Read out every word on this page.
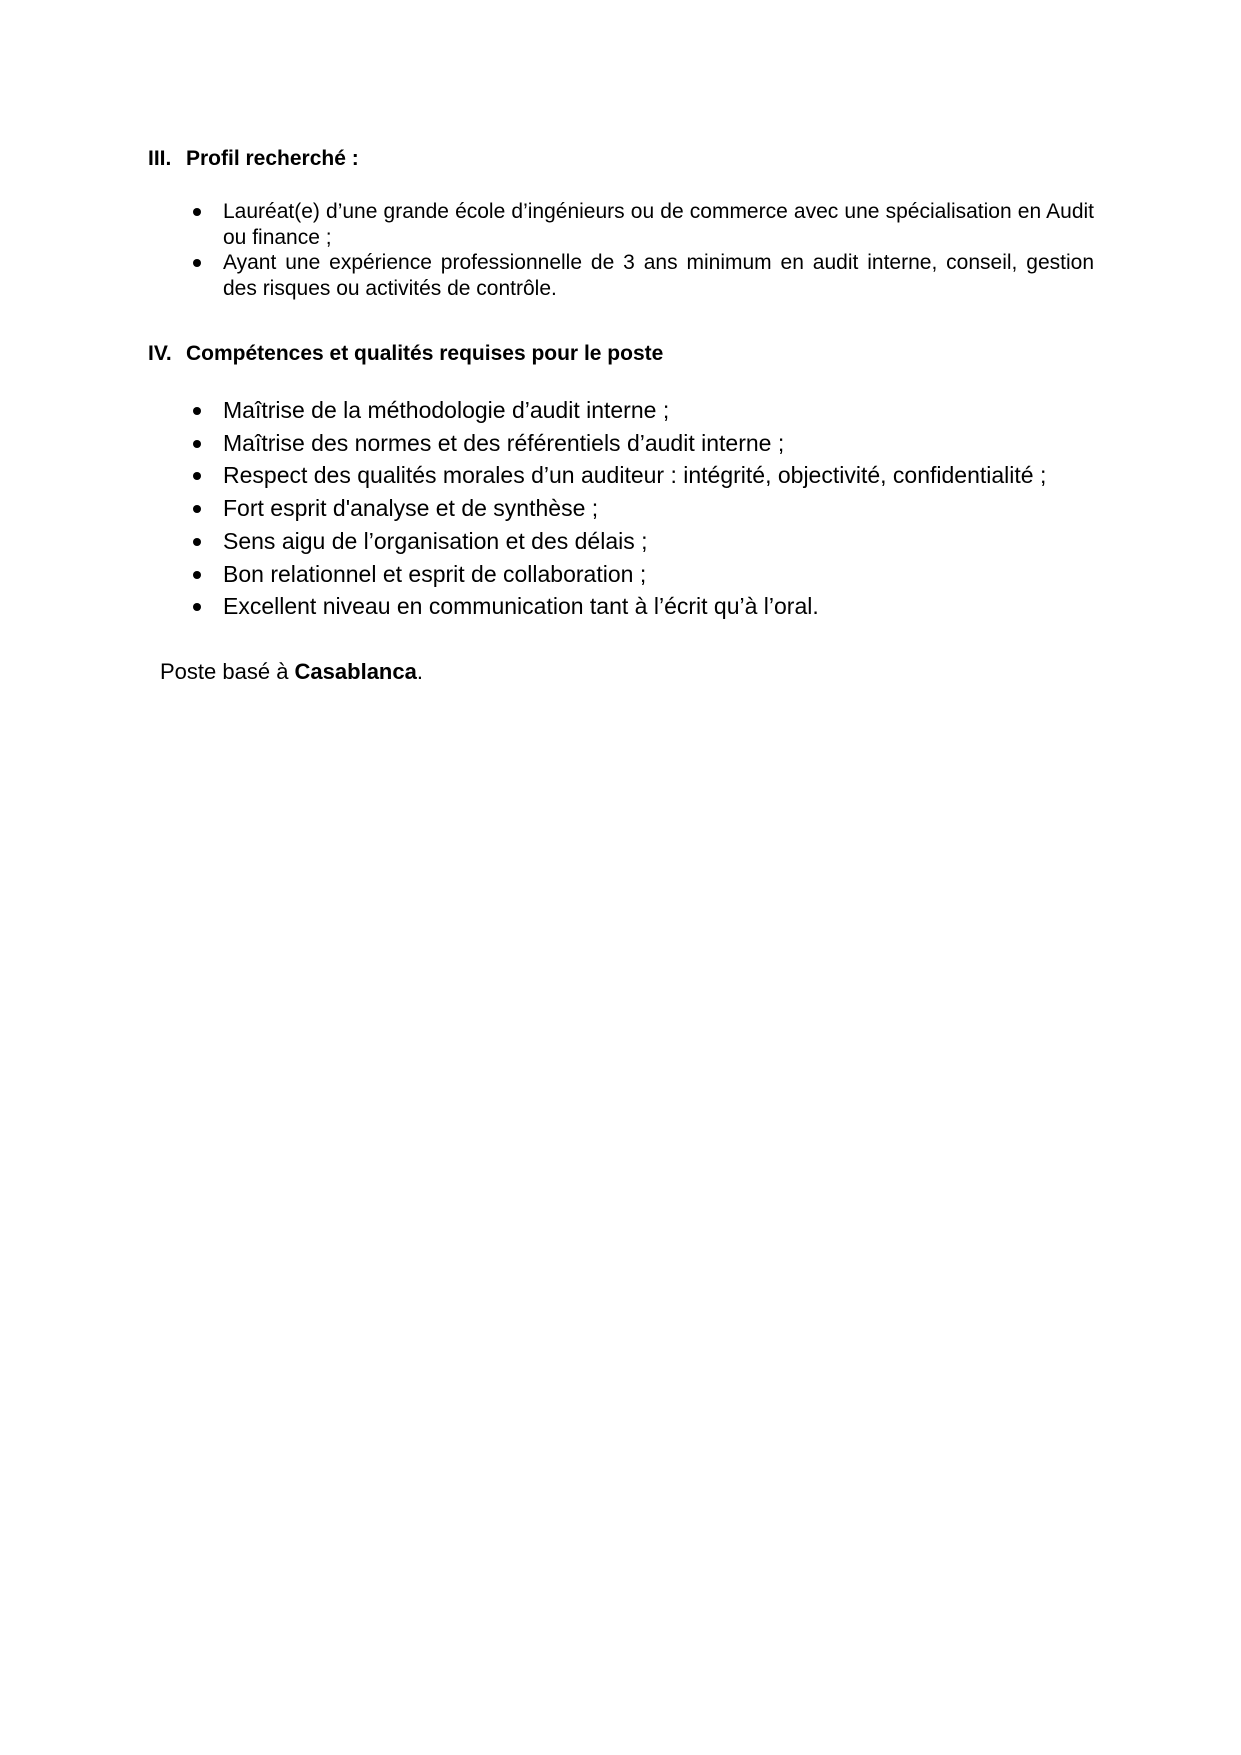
III. Profil recherché :
Lauréat(e) d’une grande école d’ingénieurs ou de commerce avec une spécialisation en Audit ou finance ;
Ayant une expérience professionnelle de 3 ans minimum en audit interne, conseil, gestion des risques ou activités de contrôle.
IV. Compétences et qualités requises pour le poste
Maîtrise de la méthodologie d’audit interne ;
Maîtrise des normes et des référentiels d’audit interne ;
Respect des qualités morales d’un auditeur : intégrité, objectivité, confidentialité ;
Fort esprit d'analyse et de synthèse ;
Sens aigu de l’organisation et des délais ;
Bon relationnel et esprit de collaboration ;
Excellent niveau en communication tant à l’écrit qu’à l’oral.
Poste basé à Casablanca.
